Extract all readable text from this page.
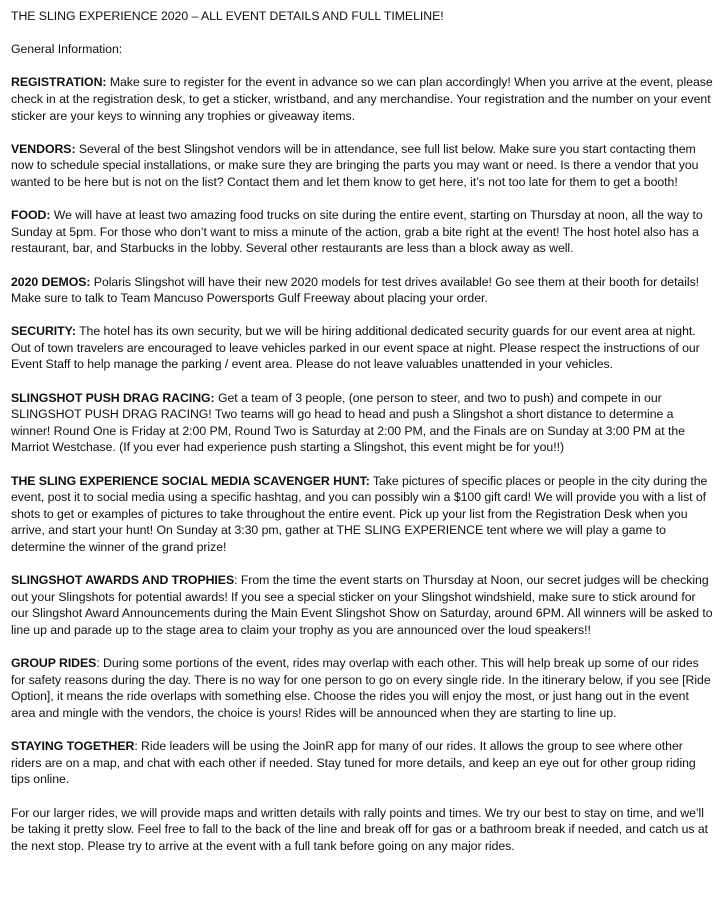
THE SLING EXPERIENCE 2020 – ALL EVENT DETAILS AND FULL TIMELINE!

General Information:

REGISTRATION: Make sure to register for the event in advance so we can plan accordingly! When you arrive at the event, please check in at the registration desk, to get a sticker, wristband, and any merchandise. Your registration and the number on your event sticker are your keys to winning any trophies or giveaway items.

VENDORS: Several of the best Slingshot vendors will be in attendance, see full list below. Make sure you start contacting them now to schedule special installations, or make sure they are bringing the parts you may want or need. Is there a vendor that you wanted to be here but is not on the list? Contact them and let them know to get here, it’s not too late for them to get a booth!

FOOD: We will have at least two amazing food trucks on site during the entire event, starting on Thursday at noon, all the way to Sunday at 5pm. For those who don’t want to miss a minute of the action, grab a bite right at the event! The host hotel also has a restaurant, bar, and Starbucks in the lobby. Several other restaurants are less than a block away as well.

2020 DEMOS: Polaris Slingshot will have their new 2020 models for test drives available! Go see them at their booth for details! Make sure to talk to Team Mancuso Powersports Gulf Freeway about placing your order.

SECURITY: The hotel has its own security, but we will be hiring additional dedicated security guards for our event area at night. Out of town travelers are encouraged to leave vehicles parked in our event space at night. Please respect the instructions of our Event Staff to help manage the parking / event area. Please do not leave valuables unattended in your vehicles.

SLINGSHOT PUSH DRAG RACING: Get a team of 3 people, (one person to steer, and two to push) and compete in our SLINGSHOT PUSH DRAG RACING! Two teams will go head to head and push a Slingshot a short distance to determine a winner! Round One is Friday at 2:00 PM, Round Two is Saturday at 2:00 PM, and the Finals are on Sunday at 3:00 PM at the Marriot Westchase. (If you ever had experience push starting a Slingshot, this event might be for you!!)

THE SLING EXPERIENCE SOCIAL MEDIA SCAVENGER HUNT: Take pictures of specific places or people in the city during the event, post it to social media using a specific hashtag, and you can possibly win a $100 gift card! We will provide you with a list of shots to get or examples of pictures to take throughout the entire event. Pick up your list from the Registration Desk when you arrive, and start your hunt! On Sunday at 3:30 pm, gather at THE SLING EXPERIENCE tent where we will play a game to determine the winner of the grand prize!

SLINGSHOT AWARDS AND TROPHIES: From the time the event starts on Thursday at Noon, our secret judges will be checking out your Slingshots for potential awards! If you see a special sticker on your Slingshot windshield, make sure to stick around for our Slingshot Award Announcements during the Main Event Slingshot Show on Saturday, around 6PM. All winners will be asked to line up and parade up to the stage area to claim your trophy as you are announced over the loud speakers!!

GROUP RIDES: During some portions of the event, rides may overlap with each other. This will help break up some of our rides for safety reasons during the day. There is no way for one person to go on every single ride. In the itinerary below, if you see [Ride Option], it means the ride overlaps with something else. Choose the rides you will enjoy the most, or just hang out in the event area and mingle with the vendors, the choice is yours! Rides will be announced when they are starting to line up.

STAYING TOGETHER: Ride leaders will be using the JoinR app for many of our rides. It allows the group to see where other riders are on a map, and chat with each other if needed. Stay tuned for more details, and keep an eye out for other group riding tips online.

For our larger rides, we will provide maps and written details with rally points and times. We try our best to stay on time, and we’ll be taking it pretty slow. Feel free to fall to the back of the line and break off for gas or a bathroom break if needed, and catch us at the next stop. Please try to arrive at the event with a full tank before going on any major rides.
